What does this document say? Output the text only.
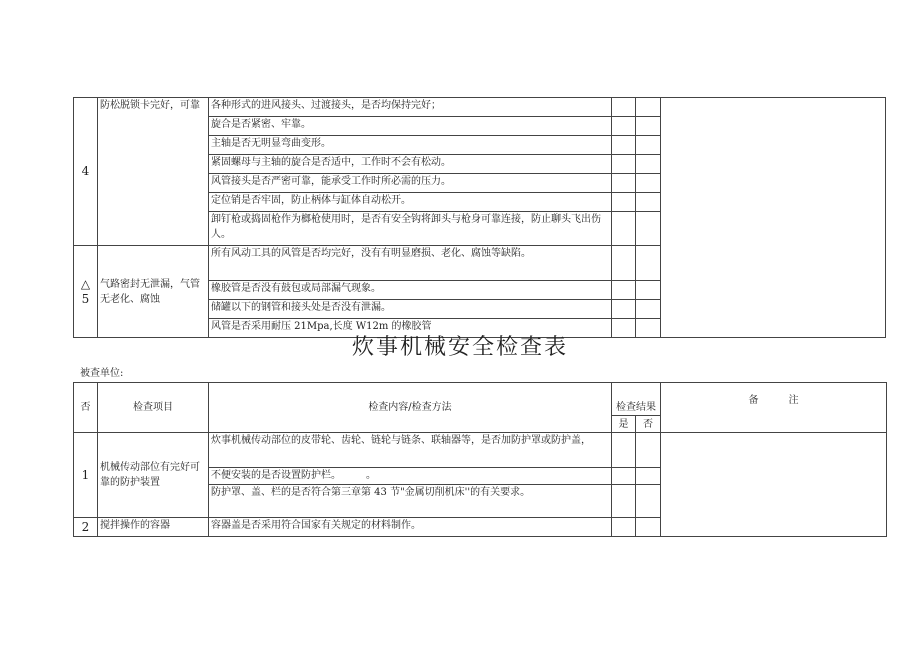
4	防松脱锁卡完好，可靠	各种形式的进风接头、过渡接头，是否均保持完好；			
		旋合是否紧密、牢靠。			
		主轴是否无明显弯曲变形。			
		紧固螺母与主轴的旋合是否适中，工作时不会有松动。			
		风管接头是否严密可靠，能承受工作时所必需的压力。			
		定位销是否牢固，防止柄体与缸体自动松开。			
		卸钉枪或捣固枪作为榔枪使用时，是否有安全钩将卸头与枪身可靠连接，防止聊头飞出伤人。			

△
5	气路密封无泄漏，气管无老化、腐蚀	所有风动工具的风管是否均完好，没有有明显磨损、老化、腐蚀等缺陷。			
		橡胶管是否没有鼓包或局部漏气现象。			
		储罐以下的钢管和接头处是否没有泄漏。			
		风管是否采用耐压 21Mpa,长度 W12m 的橡胶管			
炊事机械安全检查表
被查单位:
否	检查项目	检查内容/检查方法	检查结果		备　　　注
			是	否	
1	机械传动部位有完好可靠的防护装置	炊事机械传动部位的皮带轮、齿轮、链轮与链条、联轴器等，是否加防护罩或防护盖，			
		不便安装的是否设置防护栏。　　　。			
		防护罩、盖、栏的是否符合第三章第 43 节"金属切削机床''的有关要求。			
2	搅拌操作的容器	容器盖是否采用符合国家有关规定的材料制作。			
